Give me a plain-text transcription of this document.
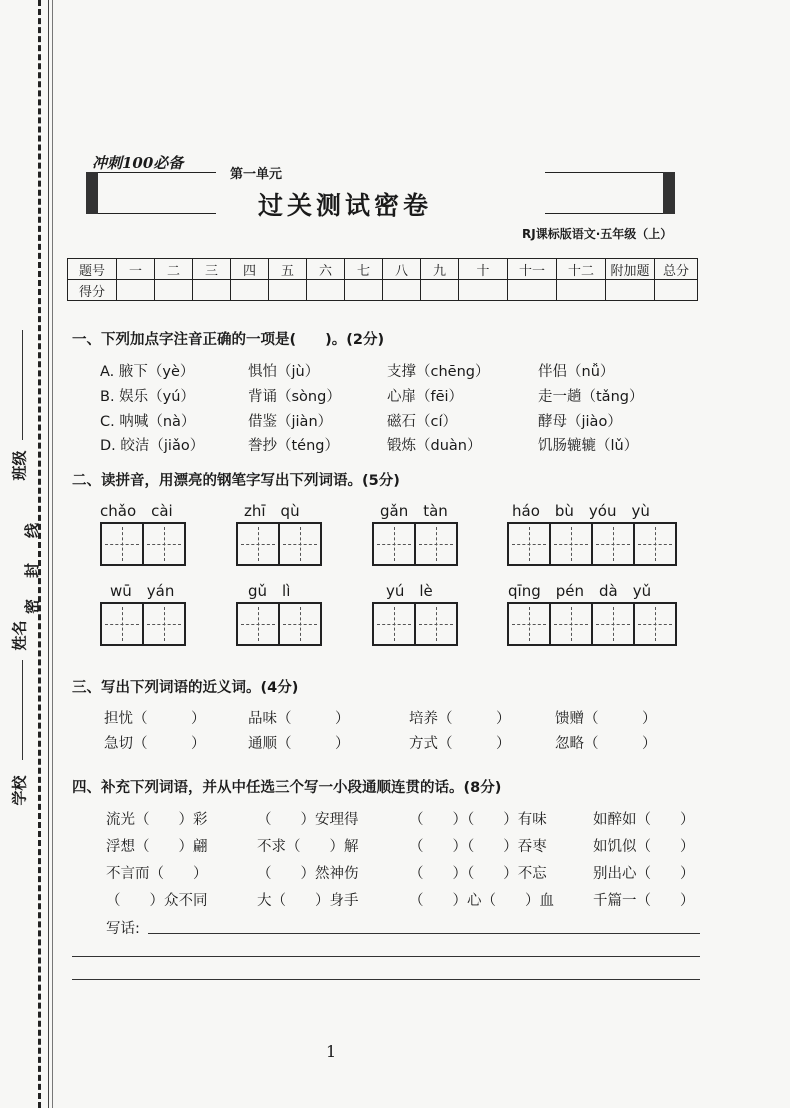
班级
线
封
密
姓名
学校
冲刺100必备
第一单元
过关测试密卷
RJ课标版语文·五年级（上）
题号	一	二	三	四	五	六	七	八	九	十	十一	十二	附加题	总分
得分														
一、下列加点字注音正确的一项是(　　)。(2分)
A. 腋下（yè）	惧怕（jù）	支撑（chēng）	伴侣（nǚ）
B. 娱乐（yú）	背诵（sòng）	心扉（fēi）	走一趟（tǎng）
C. 呐喊（nà）	借鉴（jiàn）	磁石（cí）	酵母（jiào）
D. 皎洁（jiǎo）	誊抄（téng）	锻炼（duàn）	饥肠辘辘（lǔ）
二、读拼音，用漂亮的钢笔字写出下列词语。(5分)
chǎo　cài	zhī　qù	gǎn　tàn	háo　bù　yóu　yù
wū　yán	gǔ　lì	yú　lè	qīng　pén　dà　yǔ
三、写出下列词语的近义词。(4分)
担忧（　　　）	品味（　　　）	培养（　　　）	馈赠（　　　）
急切（　　　）	通顺（　　　）	方式（　　　）	忽略（　　　）
四、补充下列词语，并从中任选三个写一小段通顺连贯的话。(8分)
流光（　　）彩	（　　）安理得	（　　）（　　）有味	如醉如（　　）
浮想（　　）翩	不求（　　）解	（　　）（　　）吞枣	如饥似（　　）
不言而（　　）	（　　）然神伤	（　　）（　　）不忘	别出心（　　）
（　　）众不同	大（　　）身手	（　　）心（　　）血	千篇一（　　）
写话:
1
